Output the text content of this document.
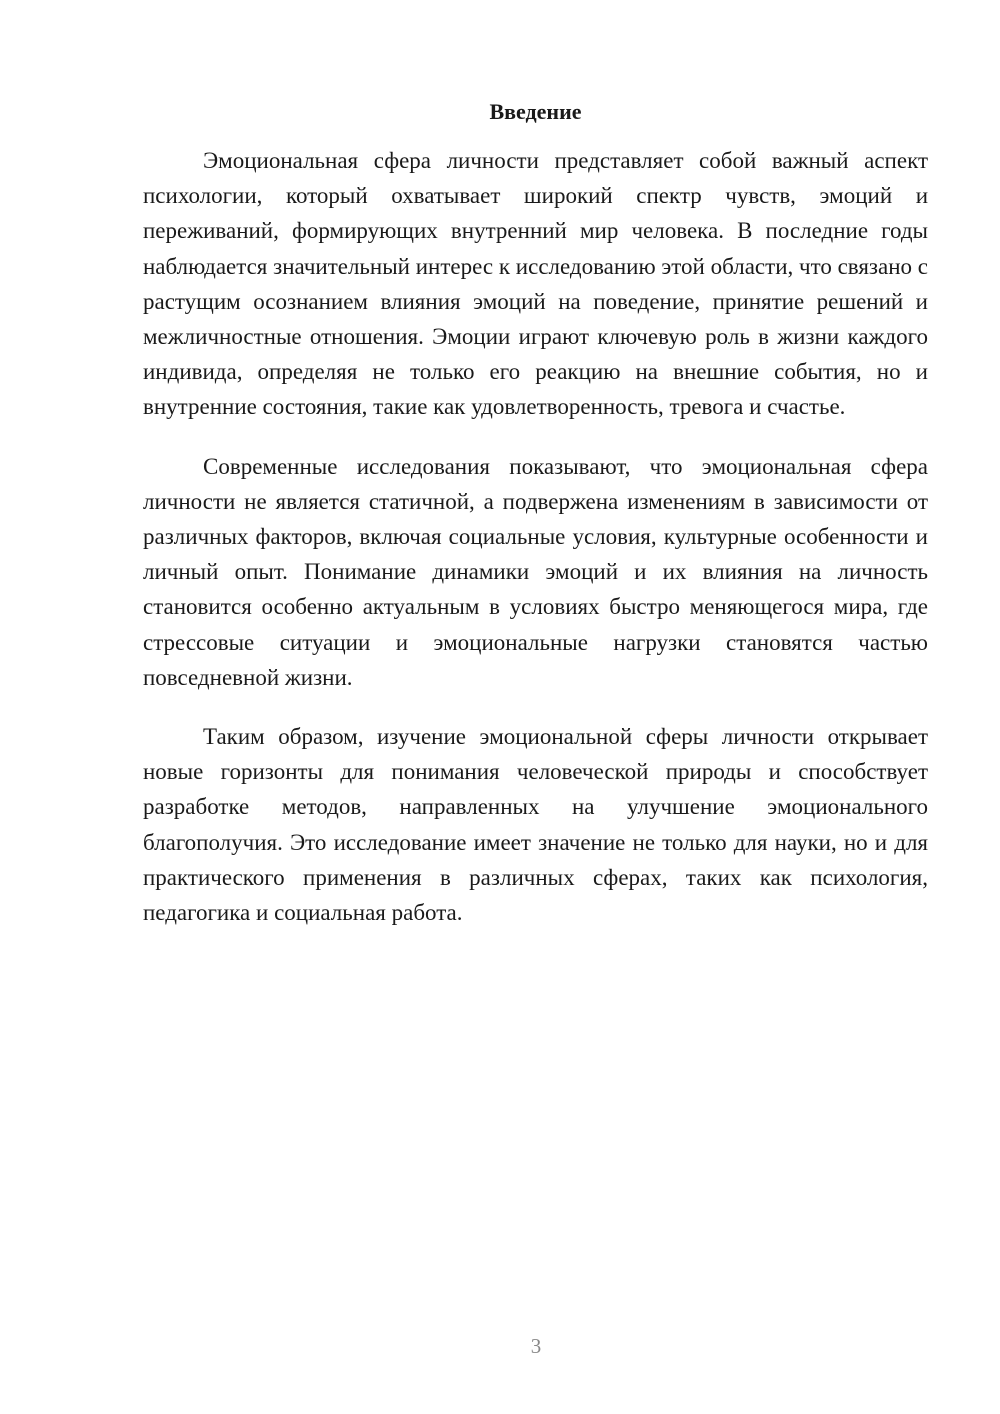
Введение

Эмоциональная сфера личности представляет собой важный аспект психологии, который охватывает широкий спектр чувств, эмоций и переживаний, формирующих внутренний мир человека. В последние годы наблюдается значительный интерес к исследованию этой области, что связано с растущим осознанием влияния эмоций на поведение, принятие решений и межличностные отношения. Эмоции играют ключевую роль в жизни каждого индивида, определяя не только его реакцию на внешние события, но и внутренние состояния, такие как удовлетворенность, тревога и счастье.

Современные исследования показывают, что эмоциональная сфера личности не является статичной, а подвержена изменениям в зависимости от различных факторов, включая социальные условия, культурные особенности и личный опыт. Понимание динамики эмоций и их влияния на личность становится особенно актуальным в условиях быстро меняющегося мира, где стрессовые ситуации и эмоциональные нагрузки становятся частью повседневной жизни.

Таким образом, изучение эмоциональной сферы личности открывает новые горизонты для понимания человеческой природы и способствует разработке методов, направленных на улучшение эмоционального благополучия. Это исследование имеет значение не только для науки, но и для практического применения в различных сферах, таких как психология, педагогика и социальная работа.

3
